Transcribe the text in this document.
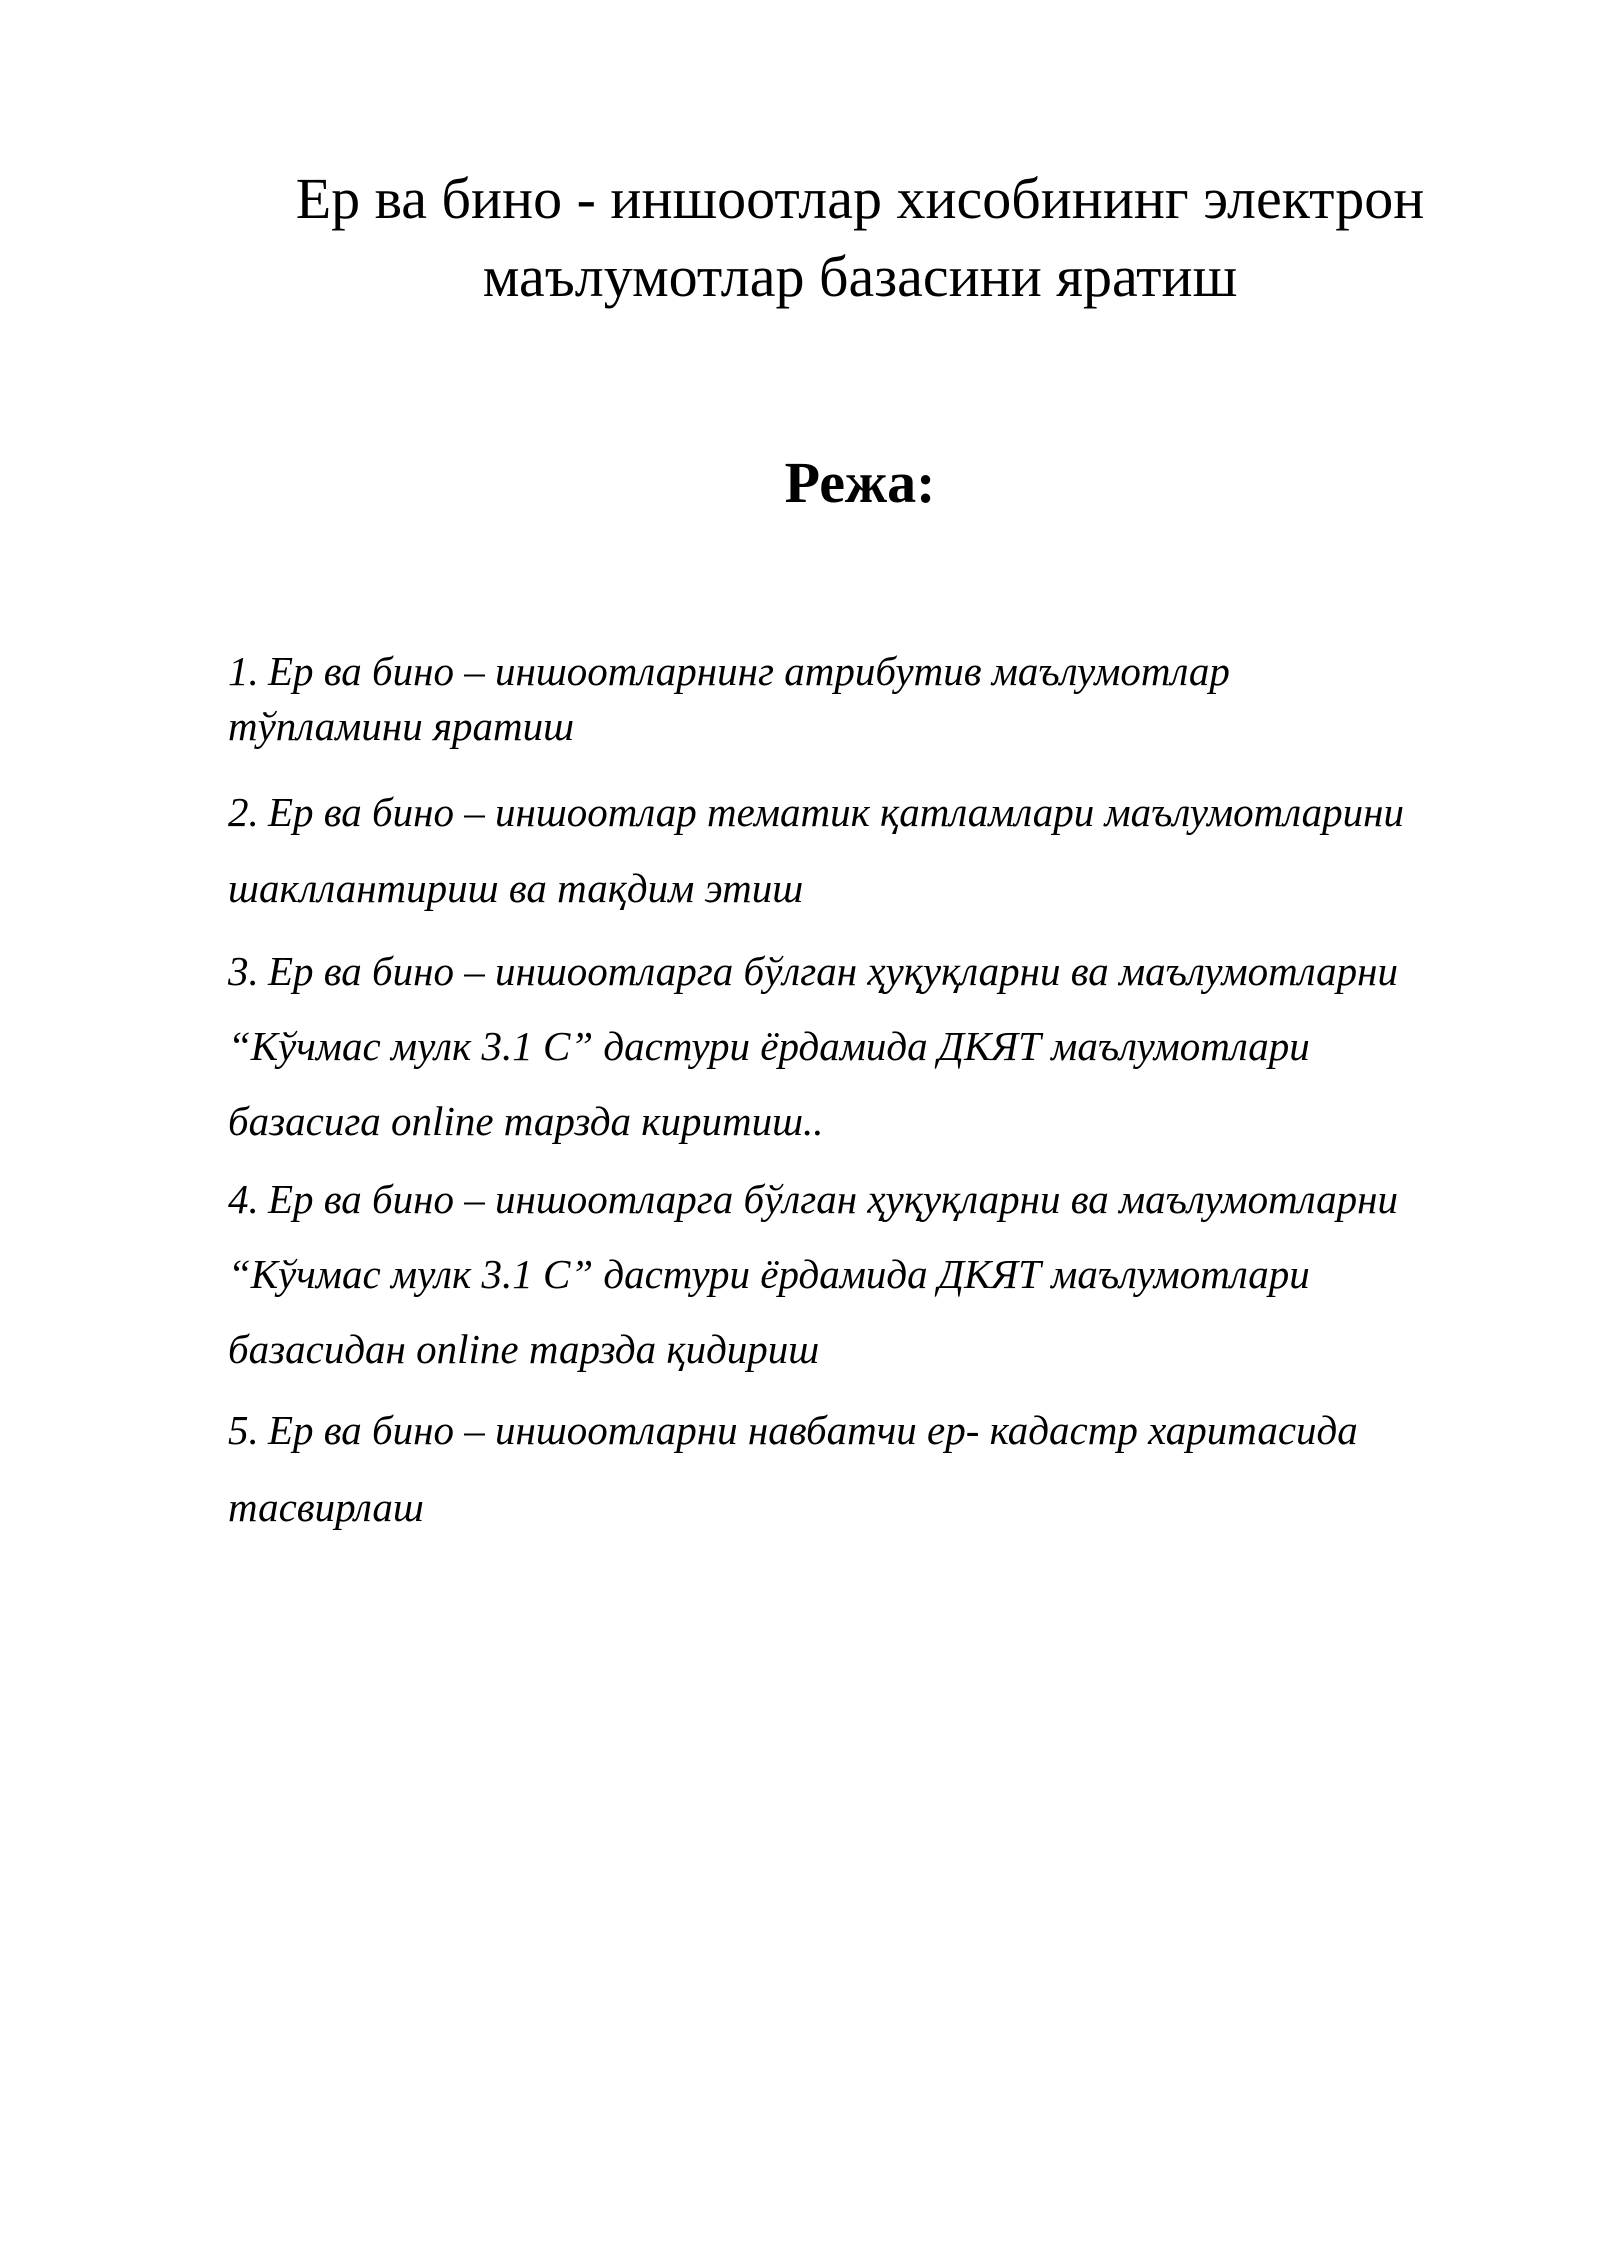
Ер ва бино - иншоотлар хисобининг электрон
маълумотлар базасини яратиш
Режа:
1. Ер ва бино – иншоотларнинг атрибутив маълумотлар
тўпламини яратиш
2. Ер ва бино – иншоотлар тематик қатламлари маълумотларини
шакллантириш ва тақдим этиш
3. Ер ва бино – иншоотларга бўлган ҳуқуқларни ва маълумотларни
“Кўчмас мулк 3.1 С” дастури ёрдамида ДКЯТ маълумотлари
базасига online тарзда киритиш..
4. Ер ва бино – иншоотларга бўлган ҳуқуқларни ва маълумотларни
“Кўчмас мулк 3.1 С” дастури ёрдамида ДКЯТ маълумотлари
базасидан online тарзда қидириш
5. Ер ва бино – иншоотларни навбатчи ер- кадастр харитасида
тасвирлаш
